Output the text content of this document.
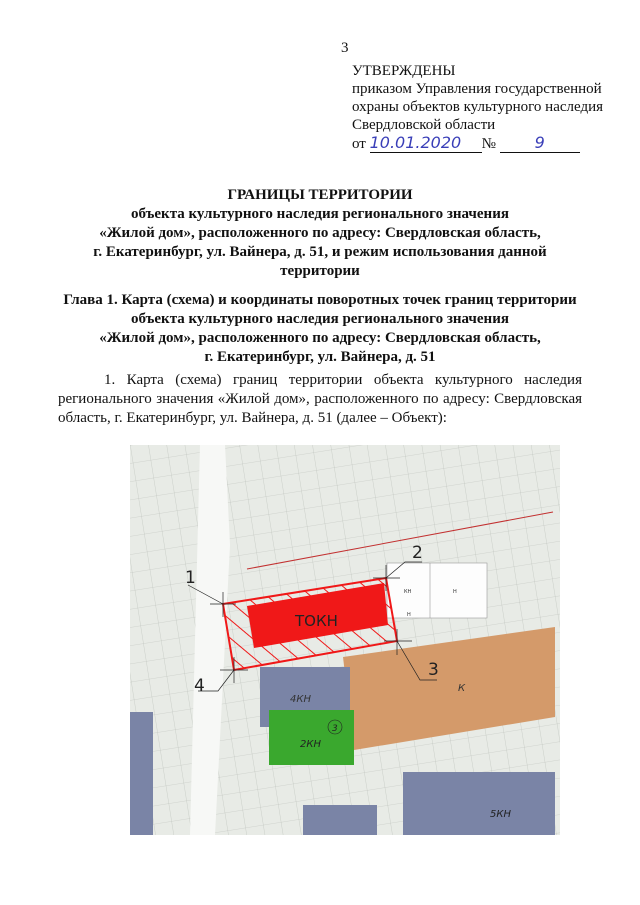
3
УТВЕРЖДЕНЫ
приказом Управления государственной
охраны объектов культурного наследия
Свердловской области
от 10.01.2020 № 9
ГРАНИЦЫ ТЕРРИТОРИИ
объекта культурного наследия регионального значения
«Жилой дом», расположенного по адресу: Свердловская область,
г. Екатеринбург, ул. Вайнера, д. 51, и режим использования данной
территории
Глава 1. Карта (схема) и координаты поворотных точек границ территории
объекта культурного наследия регионального значения
«Жилой дом», расположенного по адресу: Свердловская область,
г. Екатеринбург, ул. Вайнера, д. 51
1. Карта (схема) границ территории объекта культурного наследия регионального значения «Жилой дом», расположенного по адресу: Свердловская область, г. Екатеринбург, ул. Вайнера, д. 51 (далее – Объект):
1
2
3
4
ТОКН
4КН
2КН
3
5КН
К
КН	Н
Н
